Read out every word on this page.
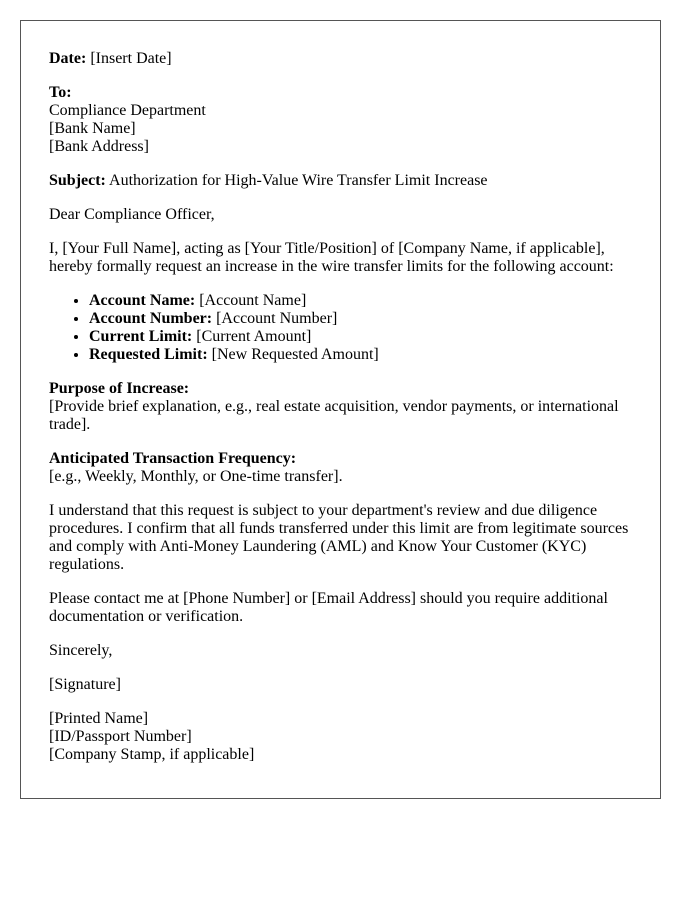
Date: [Insert Date]

To:
Compliance Department
[Bank Name]
[Bank Address]

Subject: Authorization for High-Value Wire Transfer Limit Increase

Dear Compliance Officer,

I, [Your Full Name], acting as [Your Title/Position] of [Company Name, if applicable], hereby formally request an increase in the wire transfer limits for the following account:

• Account Name: [Account Name]
• Account Number: [Account Number]
• Current Limit: [Current Amount]
• Requested Limit: [New Requested Amount]

Purpose of Increase:
[Provide brief explanation, e.g., real estate acquisition, vendor payments, or international trade].

Anticipated Transaction Frequency:
[e.g., Weekly, Monthly, or One-time transfer].

I understand that this request is subject to your department's review and due diligence procedures. I confirm that all funds transferred under this limit are from legitimate sources and comply with Anti-Money Laundering (AML) and Know Your Customer (KYC) regulations.

Please contact me at [Phone Number] or [Email Address] should you require additional documentation or verification.

Sincerely,

[Signature]

[Printed Name]
[ID/Passport Number]
[Company Stamp, if applicable]
